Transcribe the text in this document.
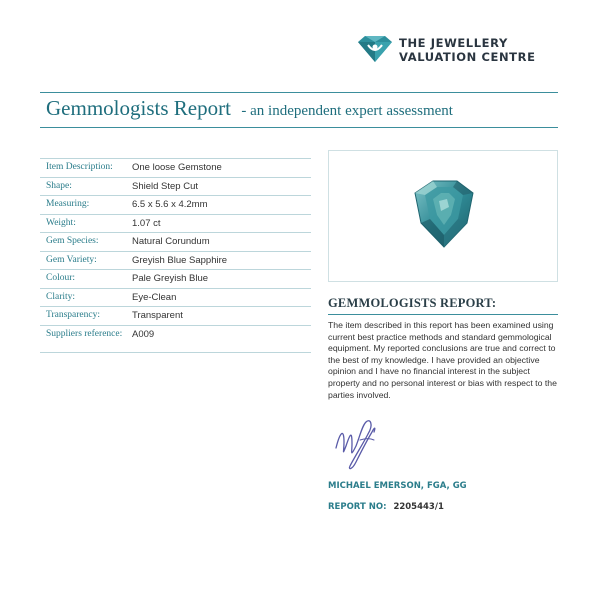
THE JEWELLERY
VALUATION CENTRE
Gemmologists Report - an independent expert assessment
Item Description:	One loose Gemstone
Shape:	Shield Step Cut
Measuring:	6.5 x 5.6 x 4.2mm
Weight:	1.07 ct
Gem Species:	Natural Corundum
Gem Variety:	Greyish Blue Sapphire
Colour:	Pale Greyish Blue
Clarity:	Eye-Clean
Transparency:	Transparent
Suppliers reference:	A009
GEMMOLOGISTS REPORT:
The item described in this report has been examined using current best practice methods and standard gemmological equipment. My reported conclusions are true and correct to the best of my knowledge. I have provided an objective opinion and I have no financial interest in the subject property and no personal interest or bias with respect to the parties involved.
MICHAEL EMERSON, FGA, GG
REPORT NO: 2205443/1
